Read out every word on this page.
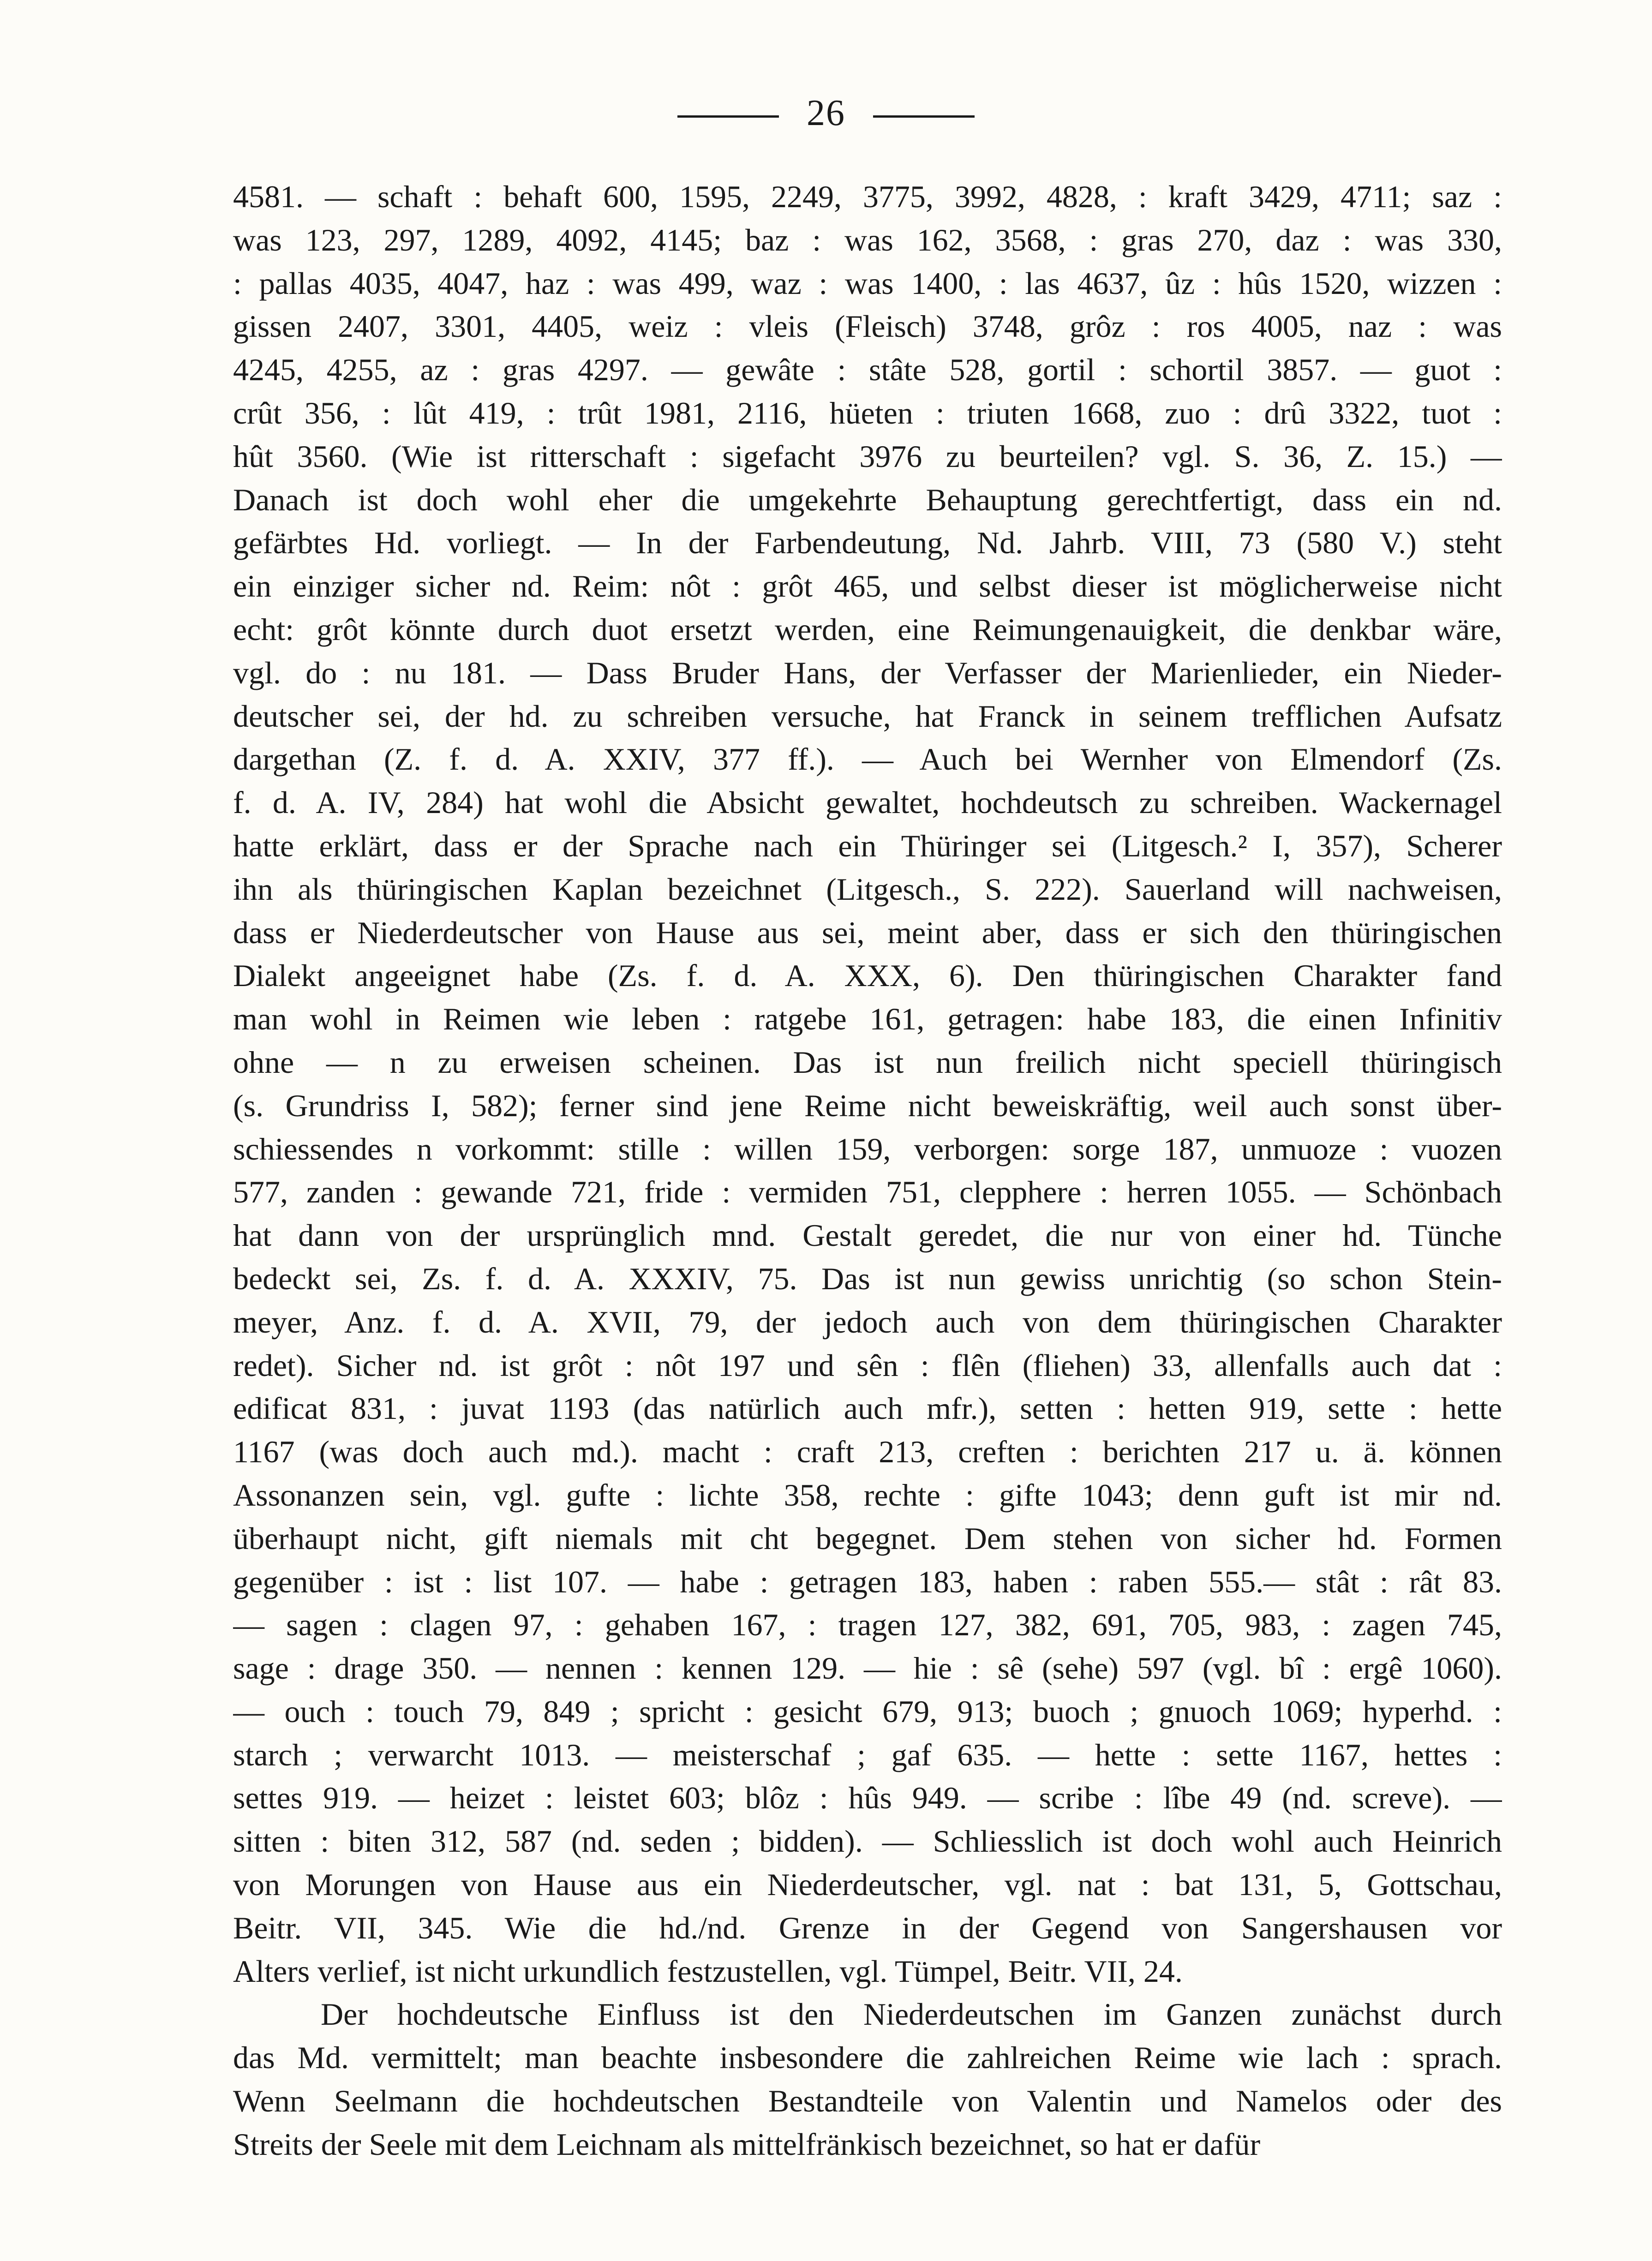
26
4581. — schaft : behaft 600, 1595, 2249, 3775, 3992, 4828, : kraft 3429, 4711; saz :
was 123, 297, 1289, 4092, 4145; baz : was 162, 3568, : gras 270, daz : was 330,
: pallas 4035, 4047, haz : was 499, waz : was 1400, : las 4637, ûz : hûs 1520, wizzen :
gissen 2407, 3301, 4405, weiz : vleis (Fleisch) 3748, grôz : ros 4005, naz : was
4245, 4255, az : gras 4297. — gewâte : stâte 528, gortil : schortil 3857. — guot :
crût 356, : lût 419, : trût 1981, 2116, hüeten : triuten 1668, zuo : drû 3322, tuot :
hût 3560. (Wie ist ritterschaft : sigefacht 3976 zu beurteilen? vgl. S. 36, Z. 15.) —
Danach ist doch wohl eher die umgekehrte Behauptung gerechtfertigt, dass ein nd.
gefärbtes Hd. vorliegt. — In der Farbendeutung, Nd. Jahrb. VIII, 73 (580 V.) steht
ein einziger sicher nd. Reim: nôt : grôt 465, und selbst dieser ist möglicherweise nicht
echt: grôt könnte durch duot ersetzt werden, eine Reimungenauigkeit, die denkbar wäre,
vgl. do : nu 181. — Dass Bruder Hans, der Verfasser der Marienlieder, ein Nieder-
deutscher sei, der hd. zu schreiben versuche, hat Franck in seinem trefflichen Aufsatz
dargethan (Z. f. d. A. XXIV, 377 ff.). — Auch bei Wernher von Elmendorf (Zs.
f. d. A. IV, 284) hat wohl die Absicht gewaltet, hochdeutsch zu schreiben. Wackernagel
hatte erklärt, dass er der Sprache nach ein Thüringer sei (Litgesch.² I, 357), Scherer
ihn als thüringischen Kaplan bezeichnet (Litgesch., S. 222). Sauerland will nachweisen,
dass er Niederdeutscher von Hause aus sei, meint aber, dass er sich den thüringischen
Dialekt angeeignet habe (Zs. f. d. A. XXX, 6). Den thüringischen Charakter fand
man wohl in Reimen wie leben : ratgebe 161, getragen: habe 183, die einen Infinitiv
ohne — n zu erweisen scheinen. Das ist nun freilich nicht speciell thüringisch
(s. Grundriss I, 582); ferner sind jene Reime nicht beweiskräftig, weil auch sonst über-
schiessendes n vorkommt: stille : willen 159, verborgen: sorge 187, unmuoze : vuozen
577, zanden : gewande 721, fride : vermiden 751, clepphere : herren 1055. — Schönbach
hat dann von der ursprünglich mnd. Gestalt geredet, die nur von einer hd. Tünche
bedeckt sei, Zs. f. d. A. XXXIV, 75. Das ist nun gewiss unrichtig (so schon Stein-
meyer, Anz. f. d. A. XVII, 79, der jedoch auch von dem thüringischen Charakter
redet). Sicher nd. ist grôt : nôt 197 und sên : flên (fliehen) 33, allenfalls auch dat :
edificat 831, : juvat 1193 (das natürlich auch mfr.), setten : hetten 919, sette : hette
1167 (was doch auch md.). macht : craft 213, creften : berichten 217 u. ä. können
Assonanzen sein, vgl. gufte : lichte 358, rechte : gifte 1043; denn guft ist mir nd.
überhaupt nicht, gift niemals mit cht begegnet. Dem stehen von sicher hd. Formen
gegenüber : ist : list 107. — habe : getragen 183, haben : raben 555.— stât : rât 83.
— sagen : clagen 97, : gehaben 167, : tragen 127, 382, 691, 705, 983, : zagen 745,
sage : drage 350. — nennen : kennen 129. — hie : sê (sehe) 597 (vgl. bî : ergê 1060).
— ouch : touch 79, 849 ; spricht : gesicht 679, 913; buoch ; gnuoch 1069; hyperhd. :
starch ; verwarcht 1013. — meisterschaf ; gaf 635. — hette : sette 1167, hettes :
settes 919. — heizet : leistet 603; blôz : hûs 949. — scribe : lîbe 49 (nd. screve). —
sitten : biten 312, 587 (nd. seden ; bidden). — Schliesslich ist doch wohl auch Heinrich
von Morungen von Hause aus ein Niederdeutscher, vgl. nat : bat 131, 5, Gottschau,
Beitr. VII, 345. Wie die hd./nd. Grenze in der Gegend von Sangershausen vor
Alters verlief, ist nicht urkundlich festzustellen, vgl. Tümpel, Beitr. VII, 24.
Der hochdeutsche Einfluss ist den Niederdeutschen im Ganzen zunächst durch
das Md. vermittelt; man beachte insbesondere die zahlreichen Reime wie lach : sprach.
Wenn Seelmann die hochdeutschen Bestandteile von Valentin und Namelos oder des
Streits der Seele mit dem Leichnam als mittelfränkisch bezeichnet, so hat er dafür
